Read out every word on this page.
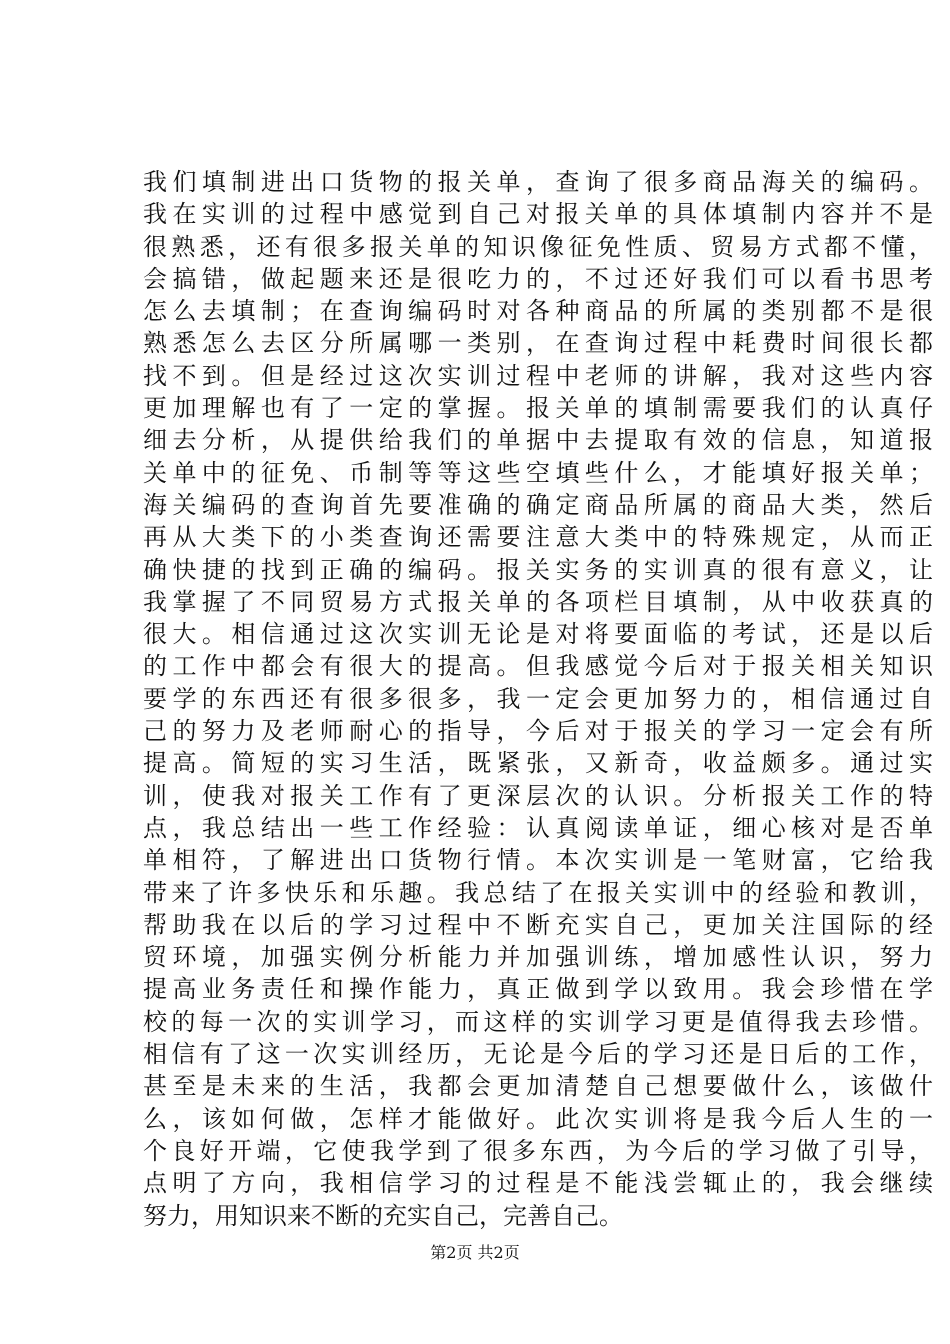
我们填制进出口货物的报关单，查询了很多商品海关的编码。
我在实训的过程中感觉到自己对报关单的具体填制内容并不是
很熟悉，还有很多报关单的知识像征免性质、贸易方式都不懂，
会搞错，做起题来还是很吃力的，不过还好我们可以看书思考
怎么去填制；在查询编码时对各种商品的所属的类别都不是很
熟悉怎么去区分所属哪一类别，在查询过程中耗费时间很长都
找不到。但是经过这次实训过程中老师的讲解，我对这些内容
更加理解也有了一定的掌握。报关单的填制需要我们的认真仔
细去分析，从提供给我们的单据中去提取有效的信息，知道报
关单中的征免、币制等等这些空填些什么，才能填好报关单；
海关编码的查询首先要准确的确定商品所属的商品大类，然后
再从大类下的小类查询还需要注意大类中的特殊规定，从而正
确快捷的找到正确的编码。报关实务的实训真的很有意义，让
我掌握了不同贸易方式报关单的各项栏目填制，从中收获真的
很大。相信通过这次实训无论是对将要面临的考试，还是以后
的工作中都会有很大的提高。但我感觉今后对于报关相关知识
要学的东西还有很多很多，我一定会更加努力的，相信通过自
己的努力及老师耐心的指导，今后对于报关的学习一定会有所
提高。简短的实习生活，既紧张，又新奇，收益颇多。通过实
训，使我对报关工作有了更深层次的认识。分析报关工作的特
点，我总结出一些工作经验：认真阅读单证，细心核对是否单
单相符，了解进出口货物行情。本次实训是一笔财富，它给我
带来了许多快乐和乐趣。我总结了在报关实训中的经验和教训，
帮助我在以后的学习过程中不断充实自己，更加关注国际的经
贸环境，加强实例分析能力并加强训练，增加感性认识，努力
提高业务责任和操作能力，真正做到学以致用。我会珍惜在学
校的每一次的实训学习，而这样的实训学习更是值得我去珍惜。
相信有了这一次实训经历，无论是今后的学习还是日后的工作，
甚至是未来的生活，我都会更加清楚自己想要做什么，该做什
么，该如何做，怎样才能做好。此次实训将是我今后人生的一
个良好开端，它使我学到了很多东西，为今后的学习做了引导，
点明了方向，我相信学习的过程是不能浅尝辄止的，我会继续
努力，用知识来不断的充实自己，完善自己。
第2页 共2页
